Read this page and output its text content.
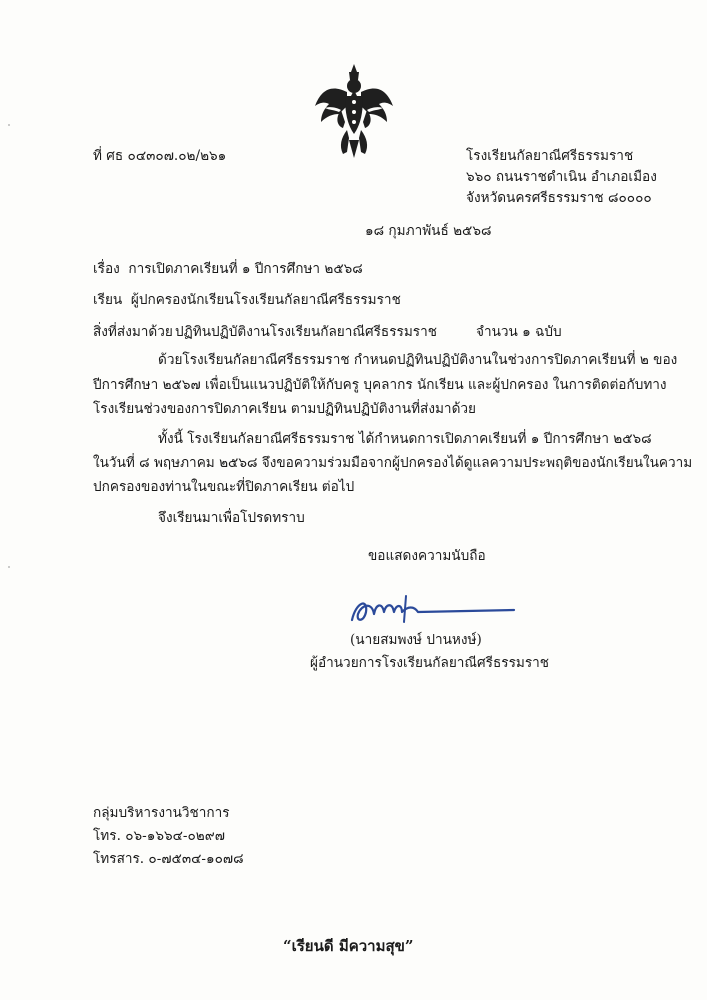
ที่ ศธ ๐๔๓๐๗.๐๒/๒๖๑	โรงเรียนกัลยาณีศรีธรรมราช
๖๖๐ ถนนราชดำเนิน อำเภอเมือง
จังหวัดนครศรีธรรมราช ๘๐๐๐๐
๑๘ กุมภาพันธ์ ๒๕๖๘
เรื่อง การเปิดภาคเรียนที่ ๑ ปีการศึกษา ๒๕๖๘
เรียน ผู้ปกครองนักเรียนโรงเรียนกัลยาณีศรีธรรมราช
สิ่งที่ส่งมาด้วย ปฏิทินปฏิบัติงานโรงเรียนกัลยาณีศรีธรรมราช	จำนวน ๑ ฉบับ
ด้วยโรงเรียนกัลยาณีศรีธรรมราช กำหนดปฏิทินปฏิบัติงานในช่วงการปิดภาคเรียนที่ ๒ ของ
ปีการศึกษา ๒๕๖๗ เพื่อเป็นแนวปฏิบัติให้กับครู บุคลากร นักเรียน และผู้ปกครอง ในการติดต่อกับทาง
โรงเรียนช่วงของการปิดภาคเรียน ตามปฏิทินปฏิบัติงานที่ส่งมาด้วย
ทั้งนี้ โรงเรียนกัลยาณีศรีธรรมราช ได้กำหนดการเปิดภาคเรียนที่ ๑ ปีการศึกษา ๒๕๖๘
ในวันที่ ๘ พฤษภาคม ๒๕๖๘ จึงขอความร่วมมือจากผู้ปกครองได้ดูแลความประพฤติของนักเรียนในความ
ปกครองของท่านในขณะที่ปิดภาคเรียน ต่อไป
จึงเรียนมาเพื่อโปรดทราบ
ขอแสดงความนับถือ
(นายสมพงษ์ ปานหงษ์)
ผู้อำนวยการโรงเรียนกัลยาณีศรีธรรมราช
กลุ่มบริหารงานวิชาการ
โทร. ๐๖-๑๖๖๔-๐๒๙๗
โทรสาร. ๐-๗๕๓๔-๑๐๗๘
“เรียนดี มีความสุข”
